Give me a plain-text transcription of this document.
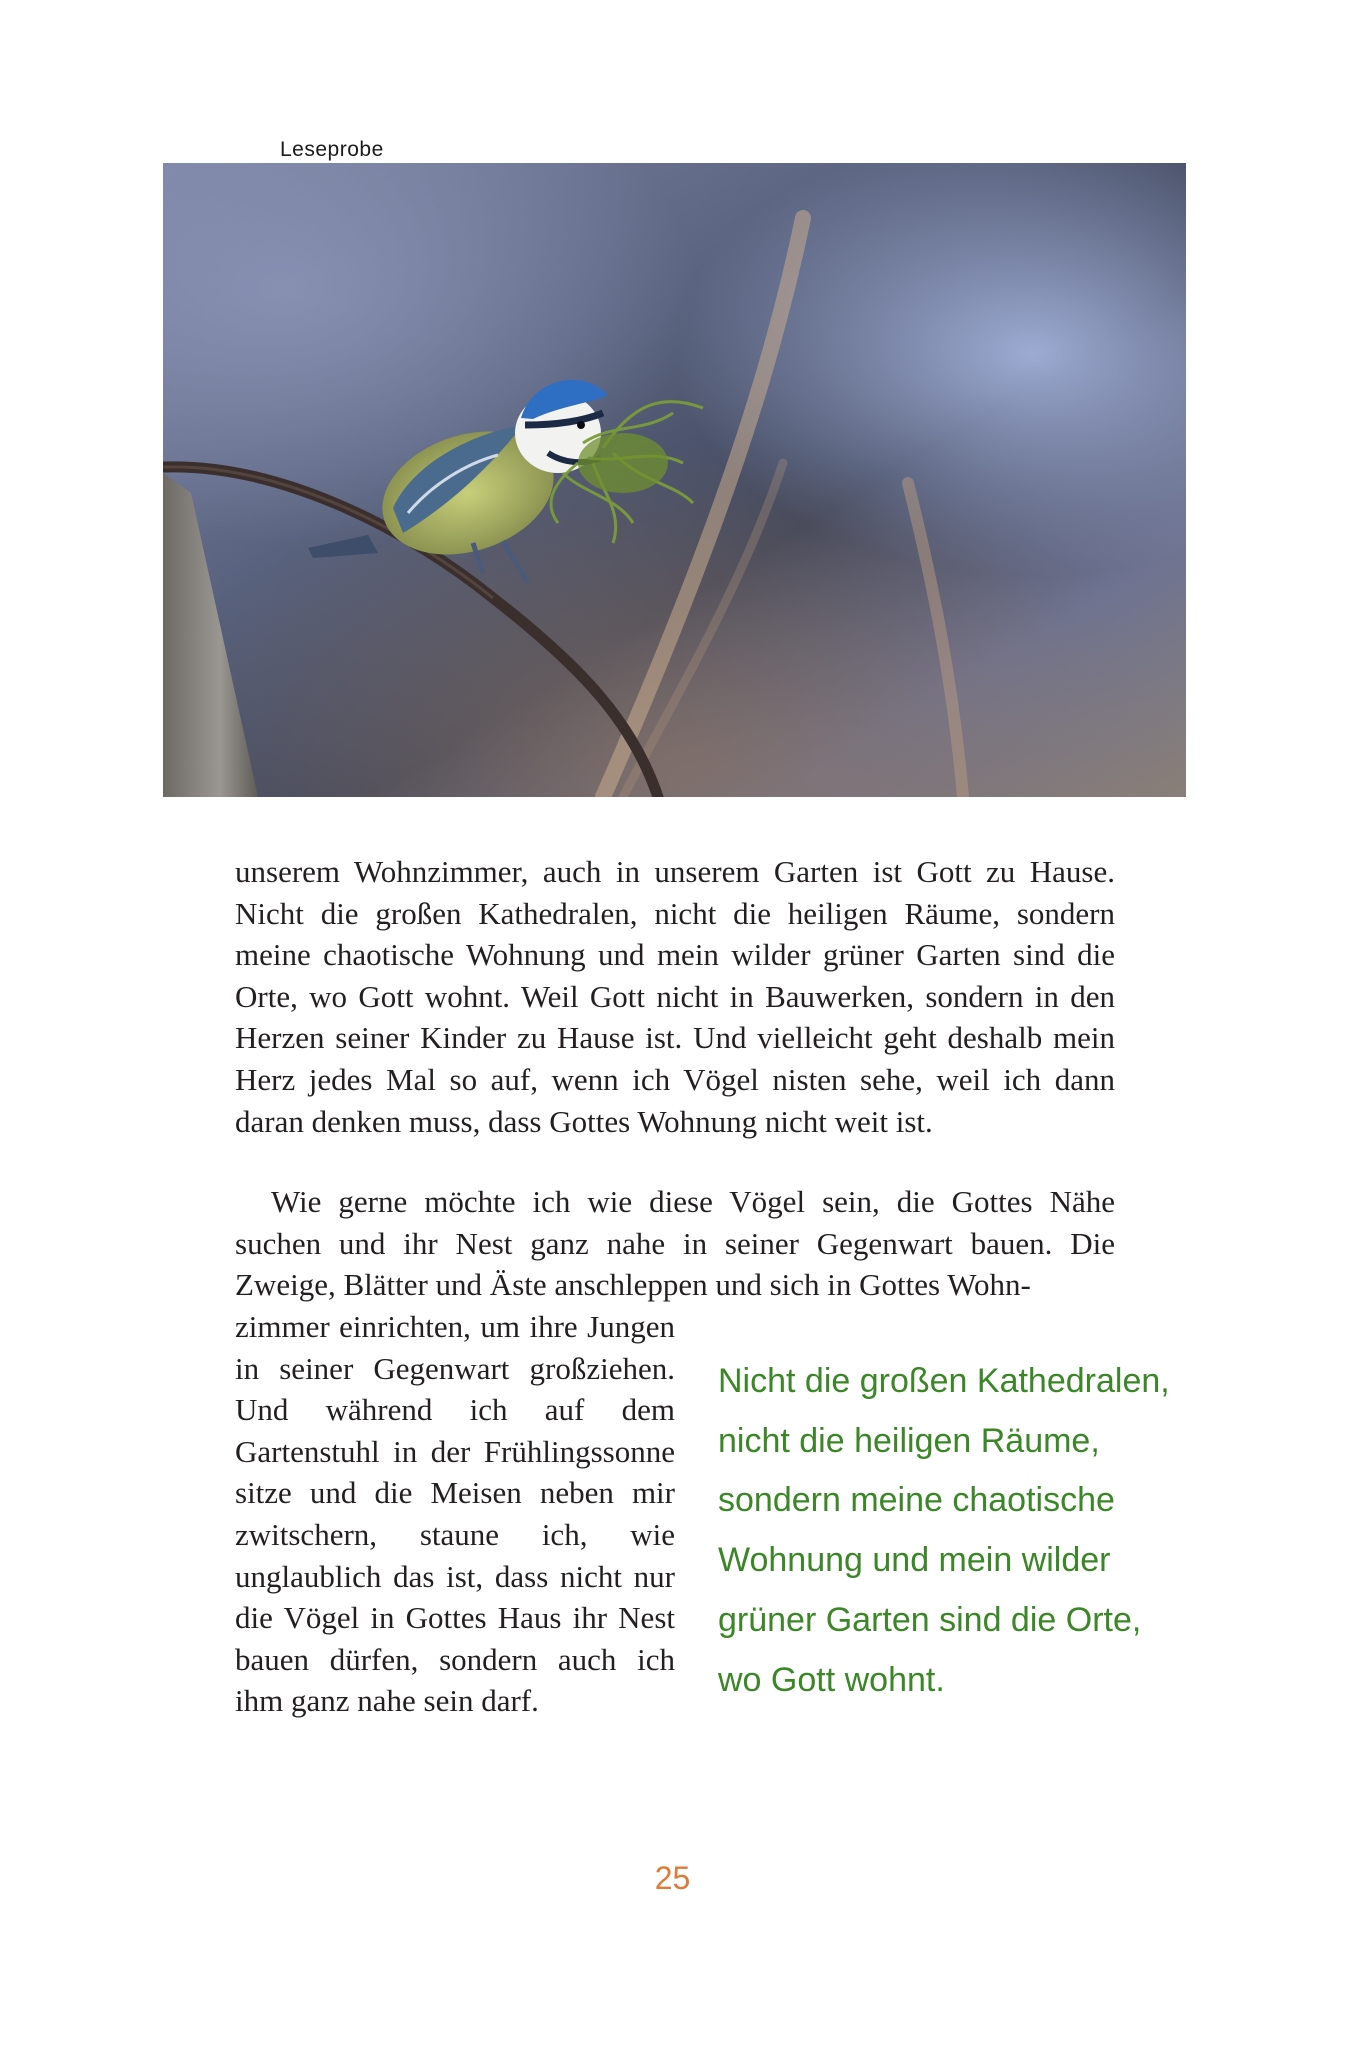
Leseprobe
unserem Wohnzimmer, auch in unserem Garten ist Gott zu Hause. Nicht die großen Kathedralen, nicht die heiligen Räume, sondern meine chaotische Wohnung und mein wilder grüner Garten sind die Orte, wo Gott wohnt. Weil Gott nicht in Bauwerken, sondern in den Herzen seiner Kinder zu Hause ist. Und vielleicht geht deshalb mein Herz jedes Mal so auf, wenn ich Vögel nisten sehe, weil ich dann daran denken muss, dass Gottes Wohnung nicht weit ist.
Wie gerne möchte ich wie diese Vögel sein, die Gottes Nähe suchen und ihr Nest ganz nahe in seiner Gegenwart bauen. Die Zweige, Blätter und Äste anschleppen und sich in Gottes Wohn-
zimmer einrichten, um ihre Jungen in seiner Gegenwart großziehen. Und während ich auf dem Gartenstuhl in der Frühlingssonne sitze und die Meisen neben mir zwitschern, staune ich, wie unglaublich das ist, dass nicht nur die Vögel in Gottes Haus ihr Nest bauen dürfen, sondern auch ich ihm ganz nahe sein darf.
Nicht die großen Kathedralen, nicht die heiligen Räume, sondern meine chaotische Wohnung und mein wilder grüner Garten sind die Orte, wo Gott wohnt.
25
